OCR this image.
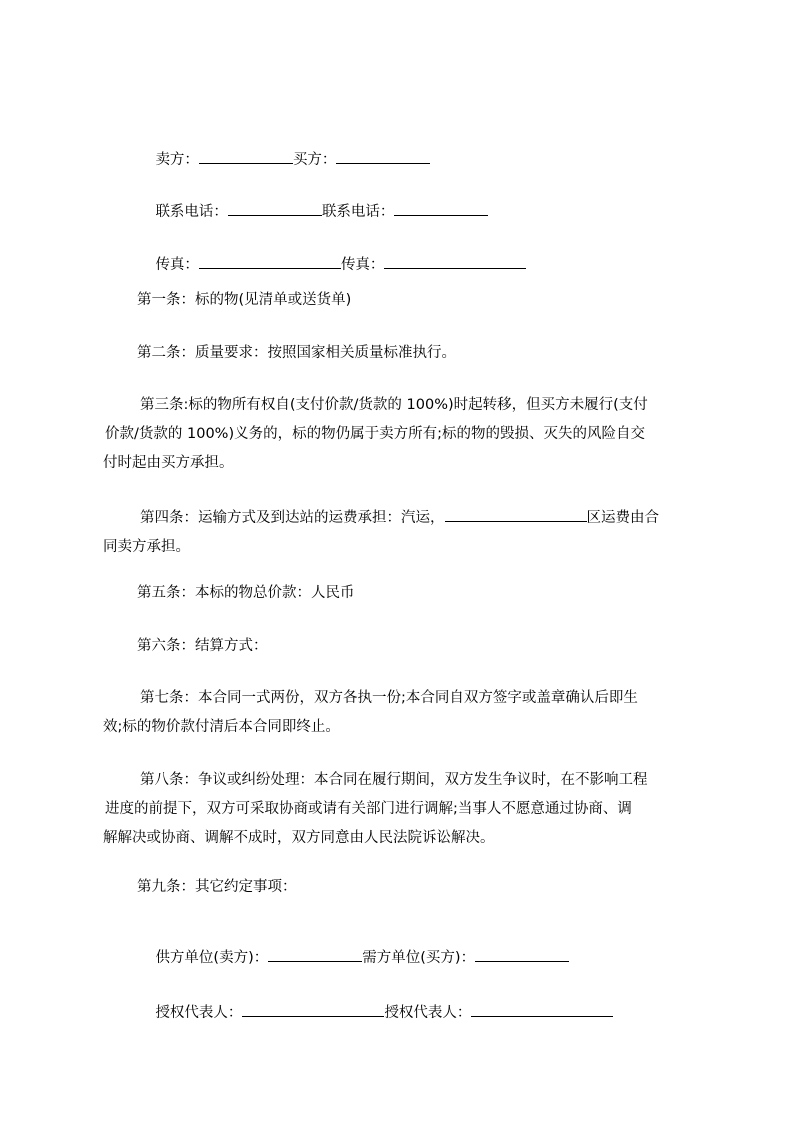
卖方：	买方：

联系电话：	联系电话：

传真：	传真：

第一条：标的物(见清单或送货单)
第二条：质量要求：按照国家相关质量标准执行。
第三条:标的物所有权自(支付价款/货款的 100%)时起转移，但买方未履行(支付
价款/货款的 100%)义务的，标的物仍属于卖方所有;标的物的毁损、灭失的风险自交
付时起由买方承担。
第四条：运输方式及到达站的运费承担：汽运，	区运费由合
同卖方承担。
第五条：本标的物总价款：人民币
第六条：结算方式：
第七条：本合同一式两份，双方各执一份;本合同自双方签字或盖章确认后即生
效;标的物价款付清后本合同即终止。
第八条：争议或纠纷处理：本合同在履行期间，双方发生争议时，在不影响工程
进度的前提下，双方可采取协商或请有关部门进行调解;当事人不愿意通过协商、调
解解决或协商、调解不成时，双方同意由人民法院诉讼解决。
第九条：其它约定事项：

供方单位(卖方)：	需方单位(买方)：

授权代表人：	授权代表人：
